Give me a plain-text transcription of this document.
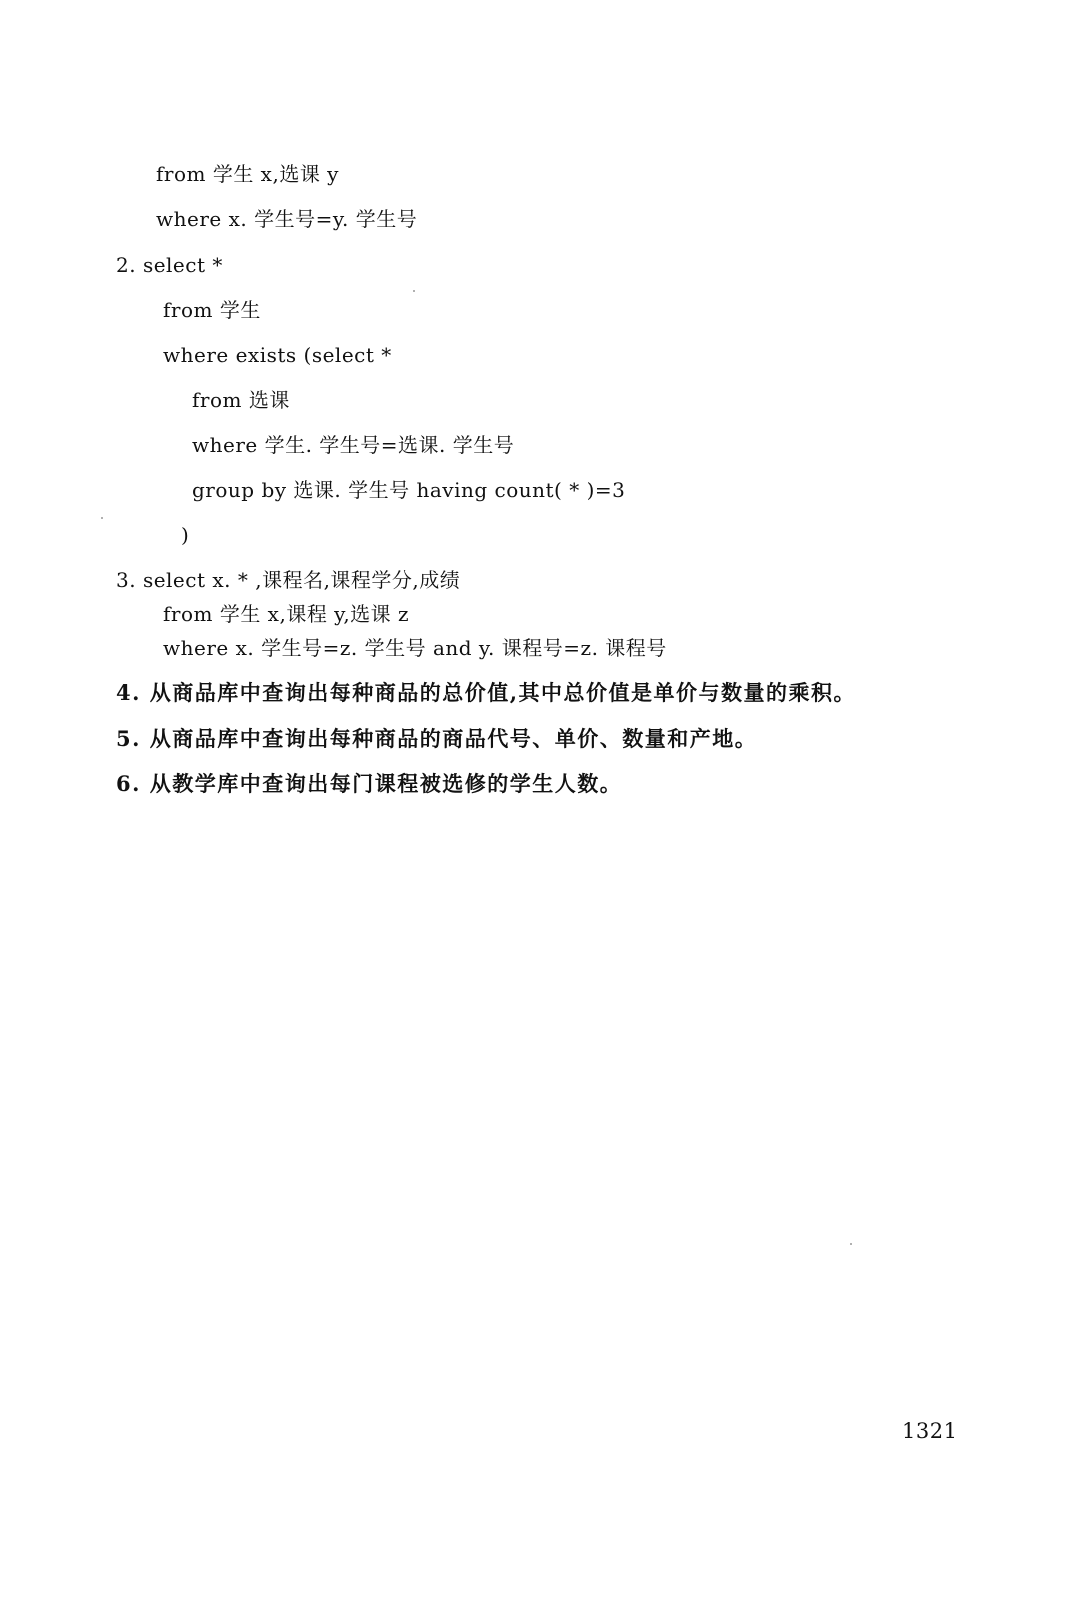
from 学生 x,选课 y
where x. 学生号=y. 学生号
2. select *
from 学生
where exists (select *
from 选课
where 学生. 学生号=选课. 学生号
group by 选课. 学生号 having count( * )=3
)
3. select x. * ,课程名,课程学分,成绩
from 学生 x,课程 y,选课 z
where x. 学生号=z. 学生号 and y. 课程号=z. 课程号
4. 从商品库中查询出每种商品的总价值,其中总价值是单价与数量的乘积。
5. 从商品库中查询出每种商品的商品代号、单价、数量和产地。
6. 从教学库中查询出每门课程被选修的学生人数。
1321
